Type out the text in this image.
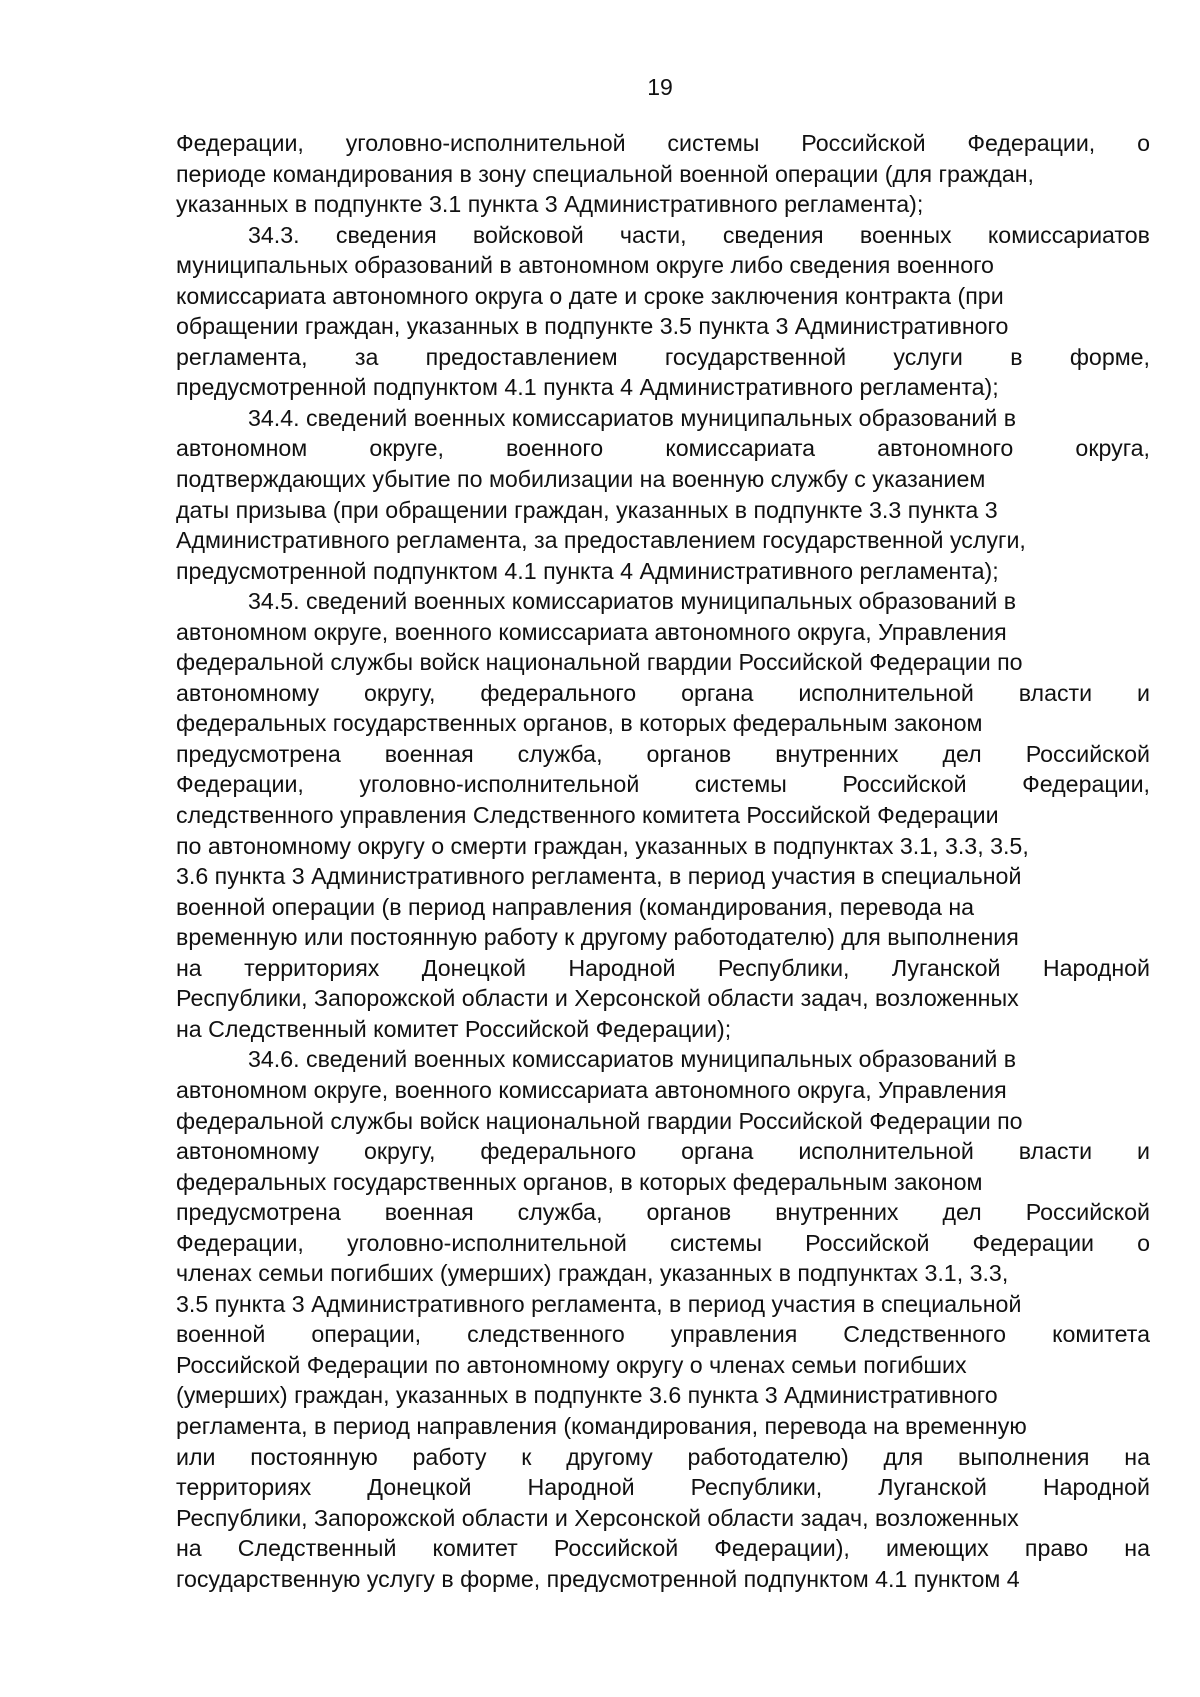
19
Федерации, уголовно-исполнительной системы Российской Федерации, о
периоде командирования в зону специальной военной операции (для граждан,
указанных в подпункте 3.1 пункта 3 Административного регламента);
34.3. сведения войсковой части, сведения военных комиссариатов
муниципальных образований в автономном округе либо сведения военного
комиссариата автономного округа о дате и сроке заключения контракта (при
обращении граждан, указанных в подпункте 3.5 пункта 3 Административного
регламента, за предоставлением государственной услуги в форме,
предусмотренной подпунктом 4.1 пункта 4 Административного регламента);
34.4. сведений военных комиссариатов муниципальных образований в
автономном округе, военного комиссариата автономного округа,
подтверждающих убытие по мобилизации на военную службу с указанием
даты призыва (при обращении граждан, указанных в подпункте 3.3 пункта 3
Административного регламента, за предоставлением государственной услуги,
предусмотренной подпунктом 4.1 пункта 4 Административного регламента);
34.5. сведений военных комиссариатов муниципальных образований в
автономном округе, военного комиссариата автономного округа, Управления
федеральной службы войск национальной гвардии Российской Федерации по
автономному округу, федерального органа исполнительной власти и
федеральных государственных органов, в которых федеральным законом
предусмотрена военная служба, органов внутренних дел Российской
Федерации, уголовно-исполнительной системы Российской Федерации,
следственного управления Следственного комитета Российской Федерации
по автономному округу о смерти граждан, указанных в подпунктах 3.1, 3.3, 3.5,
3.6 пункта 3 Административного регламента, в период участия в специальной
военной операции (в период направления (командирования, перевода на
временную или постоянную работу к другому работодателю) для выполнения
на территориях Донецкой Народной Республики, Луганской Народной
Республики, Запорожской области и Херсонской области задач, возложенных
на Следственный комитет Российской Федерации);
34.6. сведений военных комиссариатов муниципальных образований в
автономном округе, военного комиссариата автономного округа, Управления
федеральной службы войск национальной гвардии Российской Федерации по
автономному округу, федерального органа исполнительной власти и
федеральных государственных органов, в которых федеральным законом
предусмотрена военная служба, органов внутренних дел Российской
Федерации, уголовно-исполнительной системы Российской Федерации о
членах семьи погибших (умерших) граждан, указанных в подпунктах 3.1, 3.3,
3.5 пункта 3 Административного регламента, в период участия в специальной
военной операции, следственного управления Следственного комитета
Российской Федерации по автономному округу о членах семьи погибших
(умерших) граждан, указанных в подпункте 3.6 пункта 3 Административного
регламента, в период направления (командирования, перевода на временную
или постоянную работу к другому работодателю) для выполнения на
территориях Донецкой Народной Республики, Луганской Народной
Республики, Запорожской области и Херсонской области задач, возложенных
на Следственный комитет Российской Федерации), имеющих право на
государственную услугу в форме, предусмотренной подпунктом 4.1 пунктом 4
